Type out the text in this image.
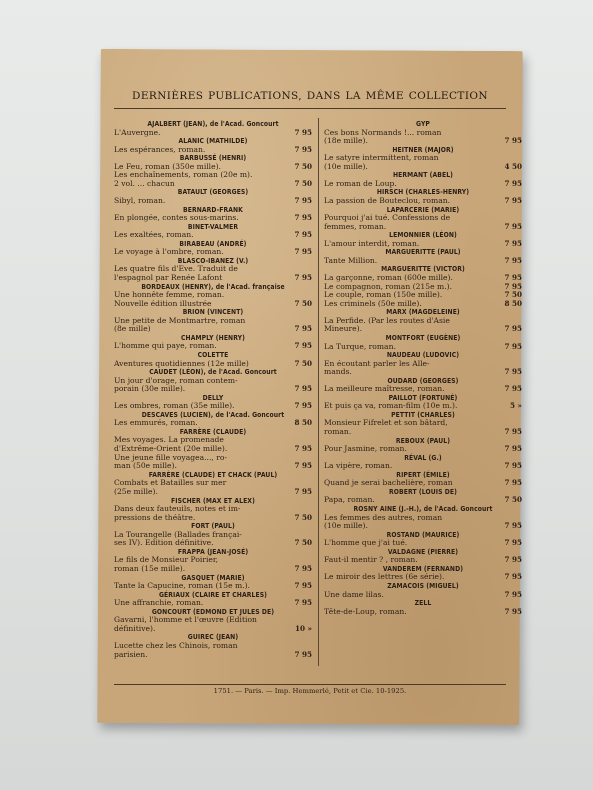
DERNIÈRES PUBLICATIONS, DANS LA MÊME COLLECTION
AJALBERT (JEAN), de l'Acad. Goncourt
L'Auvergne.	7 95
ALANIC (MATHILDE)
Les espérances, roman.	7 95
BARBUSSÉ (HENRI)
Le Feu, roman (350e mille).	7 50
Les enchaînements, roman (20e m).
2 vol. ... chacun	7 50
BATAULT (GEORGES)
Sibyl, roman.	7 95
BERNARD-FRANK
En plongée, contes sous-marins.	7 95
BINET-VALMER
Les exaltées, roman.	7 95
BIRABEAU (ANDRÉ)
Le voyage à l'ombre, roman.	7 95
BLASCO-IBANEZ (V.)
Les quatre fils d'Ève. Traduit de
l'espagnol par Renée Lafont	7 95
BORDEAUX (HENRY), de l'Acad. française
Une honnête femme, roman.
Nouvelle édition illustrée	7 50
BRION (VINCENT)
Une petite de Montmartre, roman
(8e mille)	7 95
CHAMPLY (HENRY)
L'homme qui paye, roman.	7 95
COLETTE
Aventures quotidiennes (12e mille)	7 50
CAUDET (LÉON), de l'Acad. Goncourt
Un jour d'orage, roman contem-
porain (30e mille).	7 95
DELLY
Les ombres, roman (35e mille).	7 95
DESCAVES (LUCIEN), de l'Acad. Goncourt
Les emmurés, roman.	8 50
FARRÈRE (CLAUDE)
Mes voyages. La promenade
d'Extrême-Orient (20e mille).	7 95
Une jeune fille voyagea..., ro-
man (50e mille).	7 95
FARRÈRE (CLAUDE) ET CHACK (PAUL)
Combats et Batailles sur mer
(25e mille).	7 95
FISCHER (MAX ET ALEX)
Dans deux fauteuils, notes et im-
pressions de théâtre.	7 50
FORT (PAUL)
La Tourangelle (Ballades françai-
ses IV). Édition définitive.	7 50
FRAPPA (JEAN-JOSÉ)
Le fils de Monsieur Poirier,
roman (15e mille).	7 95
GASQUET (MARIE)
Tante la Capucine, roman (15e m.).	7 95
GÉRIAUX (CLAIRE ET CHARLES)
Une affranchie, roman.	7 95
GONCOURT (EDMOND ET JULES DE)
Gavarni, l'homme et l'œuvre (Édition
définitive).	10 »
GUIREC (JEAN)
Lucette chez les Chinois, roman
parisien.	7 95
GYP
Ces bons Normands !... roman
(18e mille).	7 95
HEITNER (MAJOR)
Le satyre intermittent, roman
(10e mille).	4 50
HERMANT (ABEL)
Le roman de Loup.	7 95
HIRSCH (CHARLES-HENRY)
La passion de Bouteclou, roman.	7 95
LAPARCERIE (MARIE)
Pourquoi j'ai tué. Confessions de
femmes, roman.	7 95
LEMONNIER (LÉON)
L'amour interdit, roman.	7 95
MARGUERITTE (PAUL)
Tante Million.	7 95
MARGUERITTE (VICTOR)
La garçonne, roman (600e mille).	7 95
Le compagnon, roman (215e m.).	7 95
Le couple, roman (150e mille).	7 50
Les criminels (50e mille).	8 50
MARX (MAGDELEINE)
La Perfide. (Par les routes d'Asie
Mineure).	7 95
MONTFORT (EUGÈNE)
La Turque, roman.	7 95
NAUDEAU (LUDOVIC)
En écoutant parler les Alle-
mands.	7 95
OUDARD (GEORGES)
La meilleure maîtresse, roman.	7 95
PAILLOT (FORTUNÉ)
Et puis ça va, roman-film (10e m.).	5 »
PETTIT (CHARLES)
Monsieur Fifrelet et son bâtard,
roman.	7 95
REBOUX (PAUL)
Pour Jasmine, roman.	7 95
RÉVAL (G.)
La vipère, roman.	7 95
RIPERT (ÉMILE)
Quand je serai bachelière, roman	7 95
ROBERT (LOUIS DE)
Papa, roman.	7 50
ROSNY AINE (J.-H.), de l'Acad. Goncourt
Les femmes des autres, roman
(10e mille).	7 95
ROSTAND (MAURICE)
L'homme que j'ai tué.	7 95
VALDAGNE (PIERRE)
Faut-il mentir ? , roman.	7 95
VANDEREM (FERNAND)
Le miroir des lettres (6e série).	7 95
ZAMACOIS (MIGUEL)
Une dame lilas.	7 95
ZELL
Tête-de-Loup, roman.	7 95
1751. — Paris. — Imp. Hemmerlé, Petit et Cie. 10-1925.
